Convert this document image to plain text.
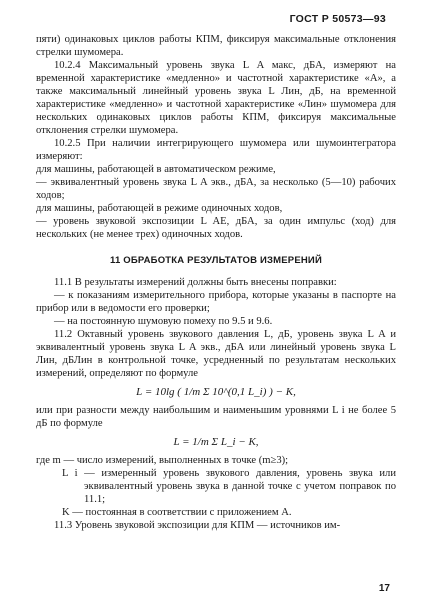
ГОСТ Р 50573—93

пяти) одинаковых циклов работы КПМ, фиксируя максимальные отклонения стрелки шумомера.

10.2.4 Максимальный уровень звука L A макс, дБА, измеряют на временной характеристике «медленно» и частотной характеристике «А», а также максимальный линейный уровень звука L Лин, дБ, на временной характеристике «медленно» и частотной характеристике «Лин» шумомера для нескольких одинаковых циклов работы КПМ, фиксируя максимальные отклонения стрелки шумомера.

10.2.5 При наличии интегрирующего шумомера или шумоинтегратора измеряют:

для машины, работающей в автоматическом режиме,

— эквивалентный уровень звука L A экв., дБА, за несколько (5—10) рабочих ходов;

для машины, работающей в режиме одиночных ходов,

— уровень звуковой экспозиции L AE, дБА, за один импульс (ход) для нескольких (не менее трех) одиночных ходов.

11 ОБРАБОТКА РЕЗУЛЬТАТОВ ИЗМЕРЕНИЙ

11.1 В результаты измерений должны быть внесены поправки:

— к показаниям измерительного прибора, которые указаны в паспорте на прибор или в ведомости его проверки;

— на постоянную шумовую помеху по 9.5 и 9.6.

11.2 Октавный уровень звукового давления L, дБ, уровень звука L A и эквивалентный уровень звука L A экв., дБА или линейный уровень звука L Лин, дБЛин в контрольной точке, усредненный по результатам нескольких измерений, определяют по формуле

L = 10lg ( 1/m Σ 10^(0,1 L_i) ) − K,

или при разности между наибольшим и наименьшим уровнями L i не более 5 дБ по формуле

L = 1/m Σ L_i − K,

где m — число измерений, выполненных в точке (m≥3);

L i — измеренный уровень звукового давления, уровень звука или эквивалентный уровень звука в данной точке с учетом поправок по 11.1;

K — постоянная в соответствии с приложением А.

11.3 Уровень звуковой экспозиции для КПМ — источников им-

17
